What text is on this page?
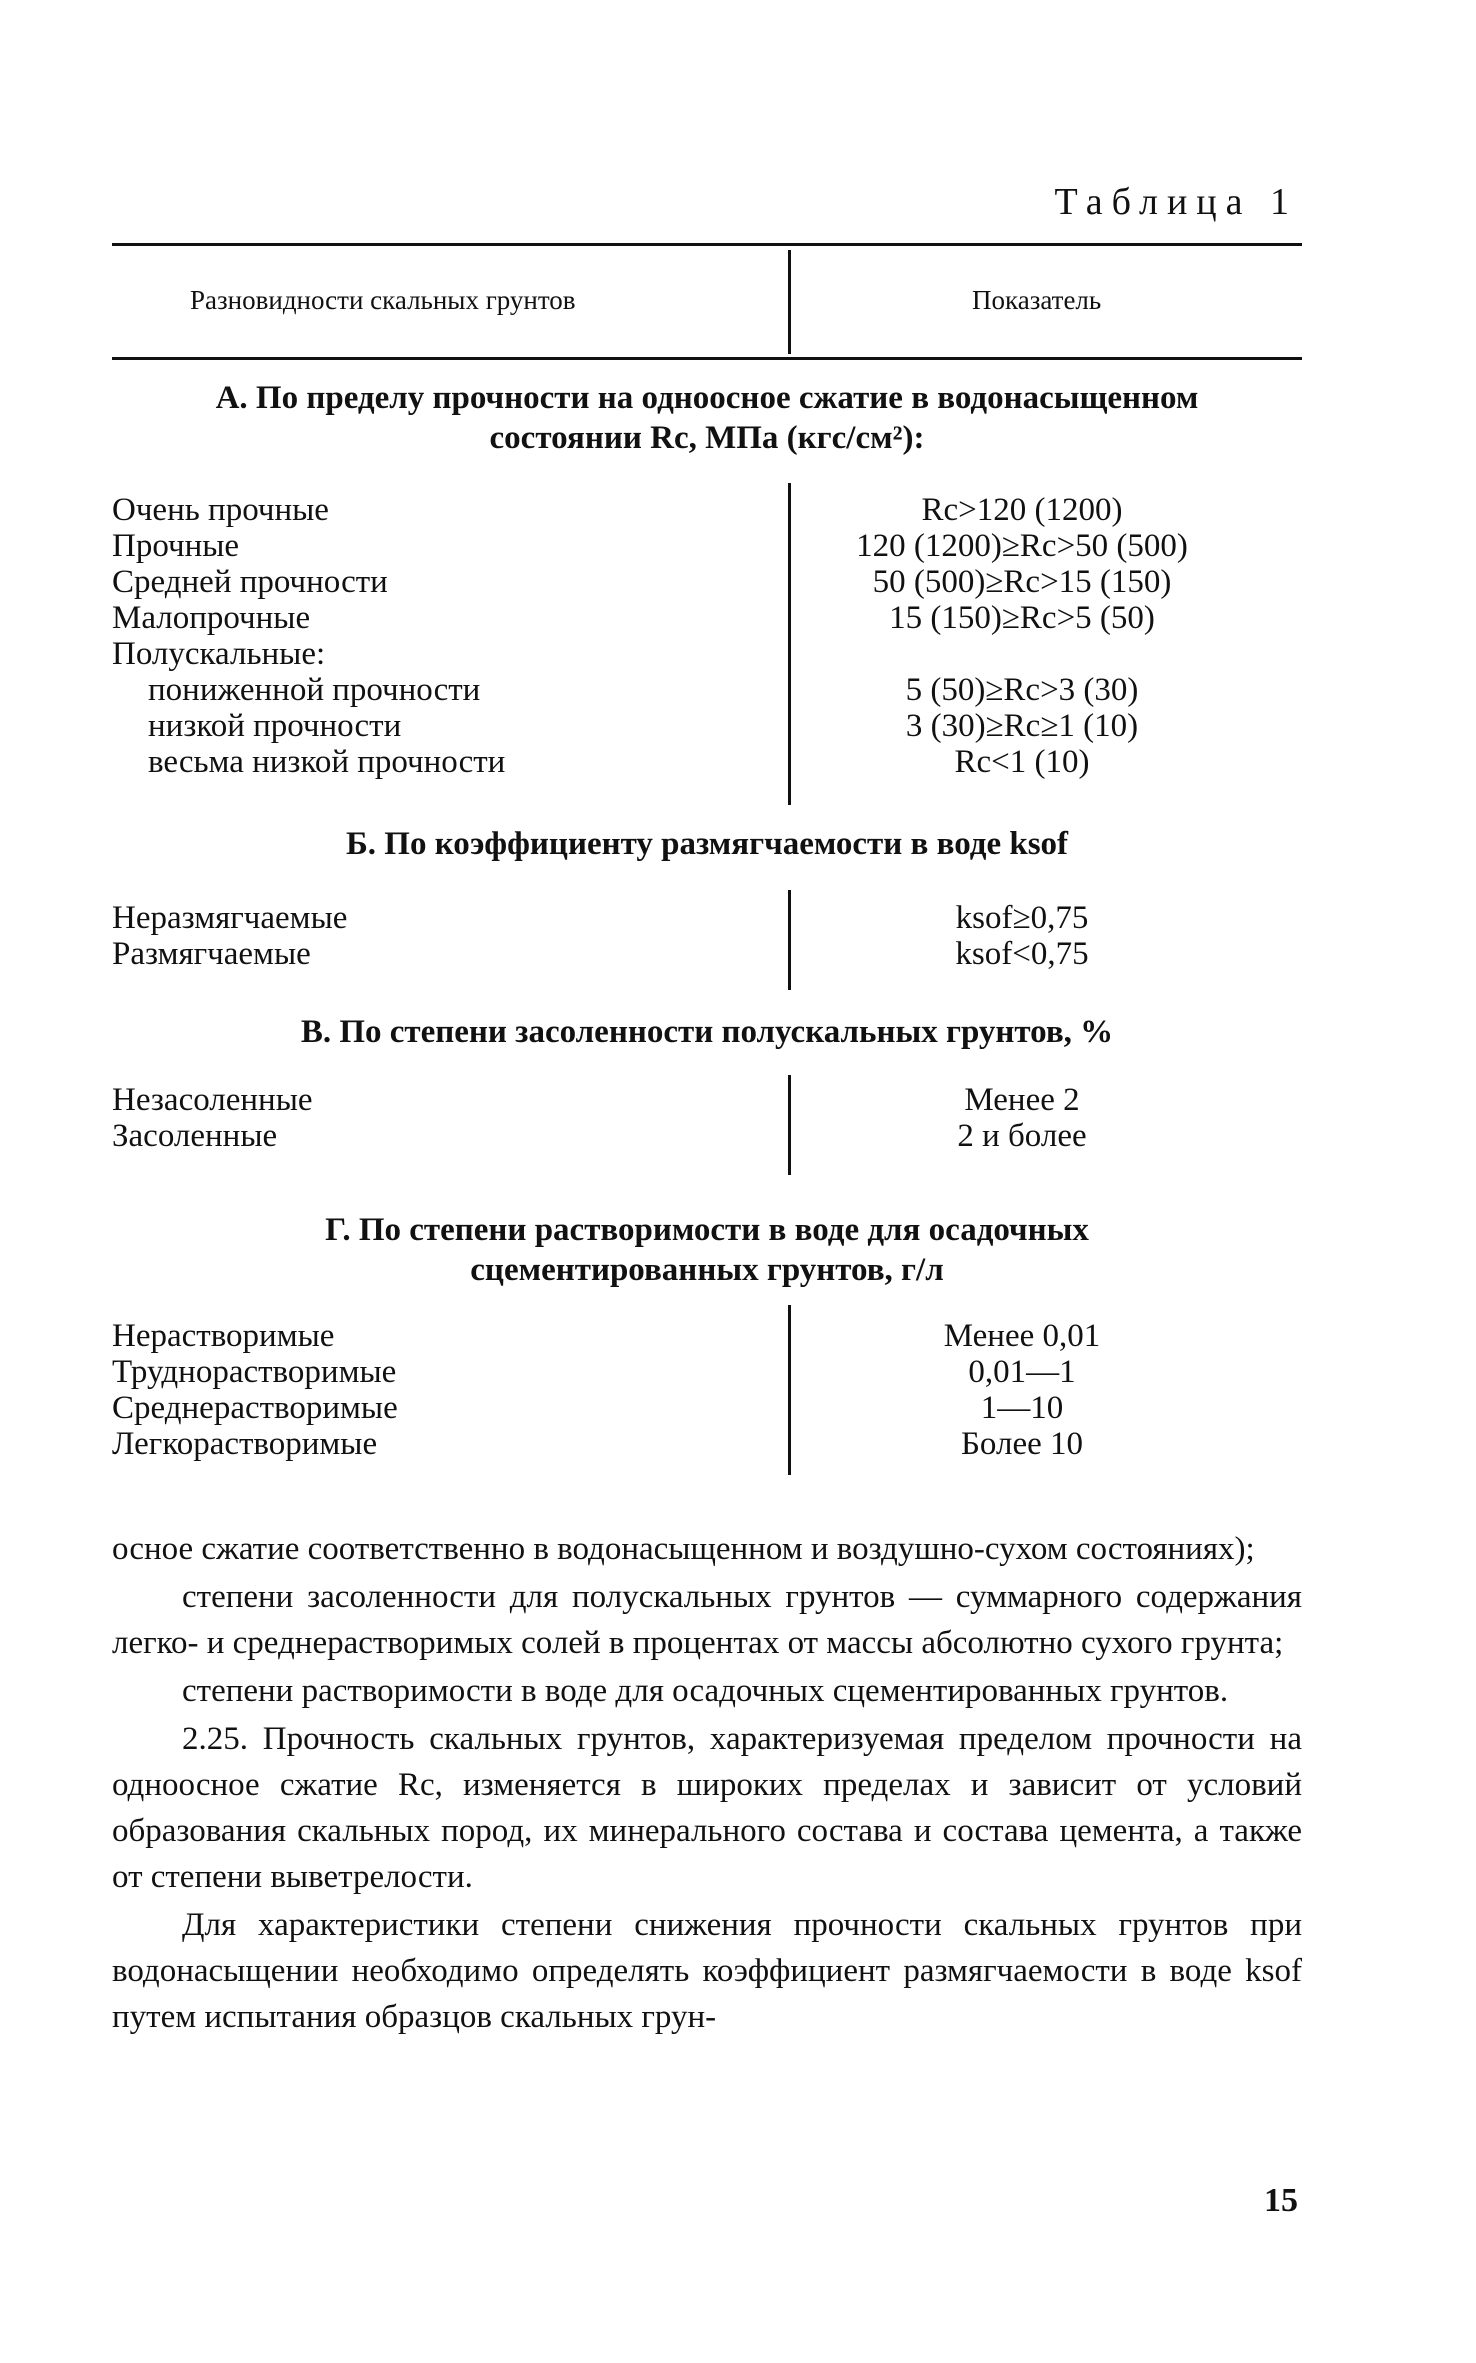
Таблица 1
Разновидности скальных грунтов	Показатель
А. По пределу прочности на одноосное сжатие в водонасыщенном
состоянии Rс, МПа (кгс/см²):
Очень прочные	Rс>120 (1200)
Прочные	120 (1200)≥Rс>50 (500)
Средней прочности	50 (500)≥Rс>15 (150)
Малопрочные	15 (150)≥Rс>5 (50)
Полускальные:
пониженной прочности	5 (50)≥Rс>3 (30)
низкой прочности	3 (30)≥Rс≥1 (10)
весьма низкой прочности	Rс<1 (10)
Б. По коэффициенту размягчаемости в воде ksof
Неразмягчаемые	ksof≥0,75
Размягчаемые	ksof<0,75
В. По степени засоленности полускальных грунтов, %
Незасоленные	Менее 2
Засоленные	2 и более
Г. По степени растворимости в воде для осадочных
сцементированных грунтов, г/л
Нерастворимые	Менее 0,01
Труднорастворимые	0,01—1
Среднерастворимые	1—10
Легкорастворимые	Более 10

осное сжатие соответственно в водонасыщенном и воздушно-сухом состояниях);

степени засоленности для полускальных грунтов — суммарного содержания легко- и среднерастворимых солей в процентах от массы абсолютно сухого грунта;

степени растворимости в воде для осадочных сцементированных грунтов.

2.25. Прочность скальных грунтов, характеризуемая пределом прочности на одноосное сжатие Rс, изменяется в широких пределах и зависит от условий образования скальных пород, их минерального состава и состава цемента, а также от степени выветрелости.

Для характеристики степени снижения прочности скальных грунтов при водонасыщении необходимо определять коэффициент размягчаемости в воде ksof путем испытания образцов скальных грун-

15
